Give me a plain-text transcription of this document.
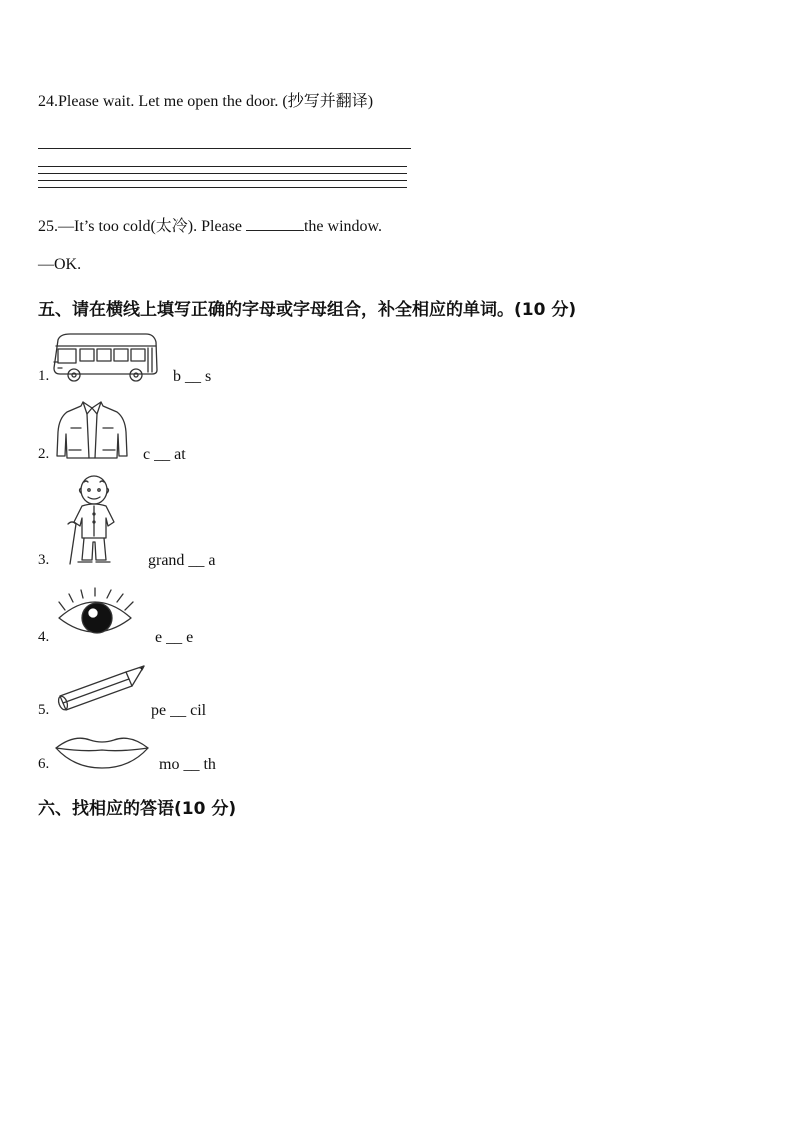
24.Please wait. Let me open the door. (抄写并翻译)
25.—It’s too cold(太冷). Please	the window.
—OK.
五、请在横线上填写正确的字母或字母组合，补全相应的单词。(10 分)
1.	b __ s
2.	c __ at
3.	grand __ a
4.	e __ e
5.	pe __ cil
6.	mo __ th
六、找相应的答语(10 分)
